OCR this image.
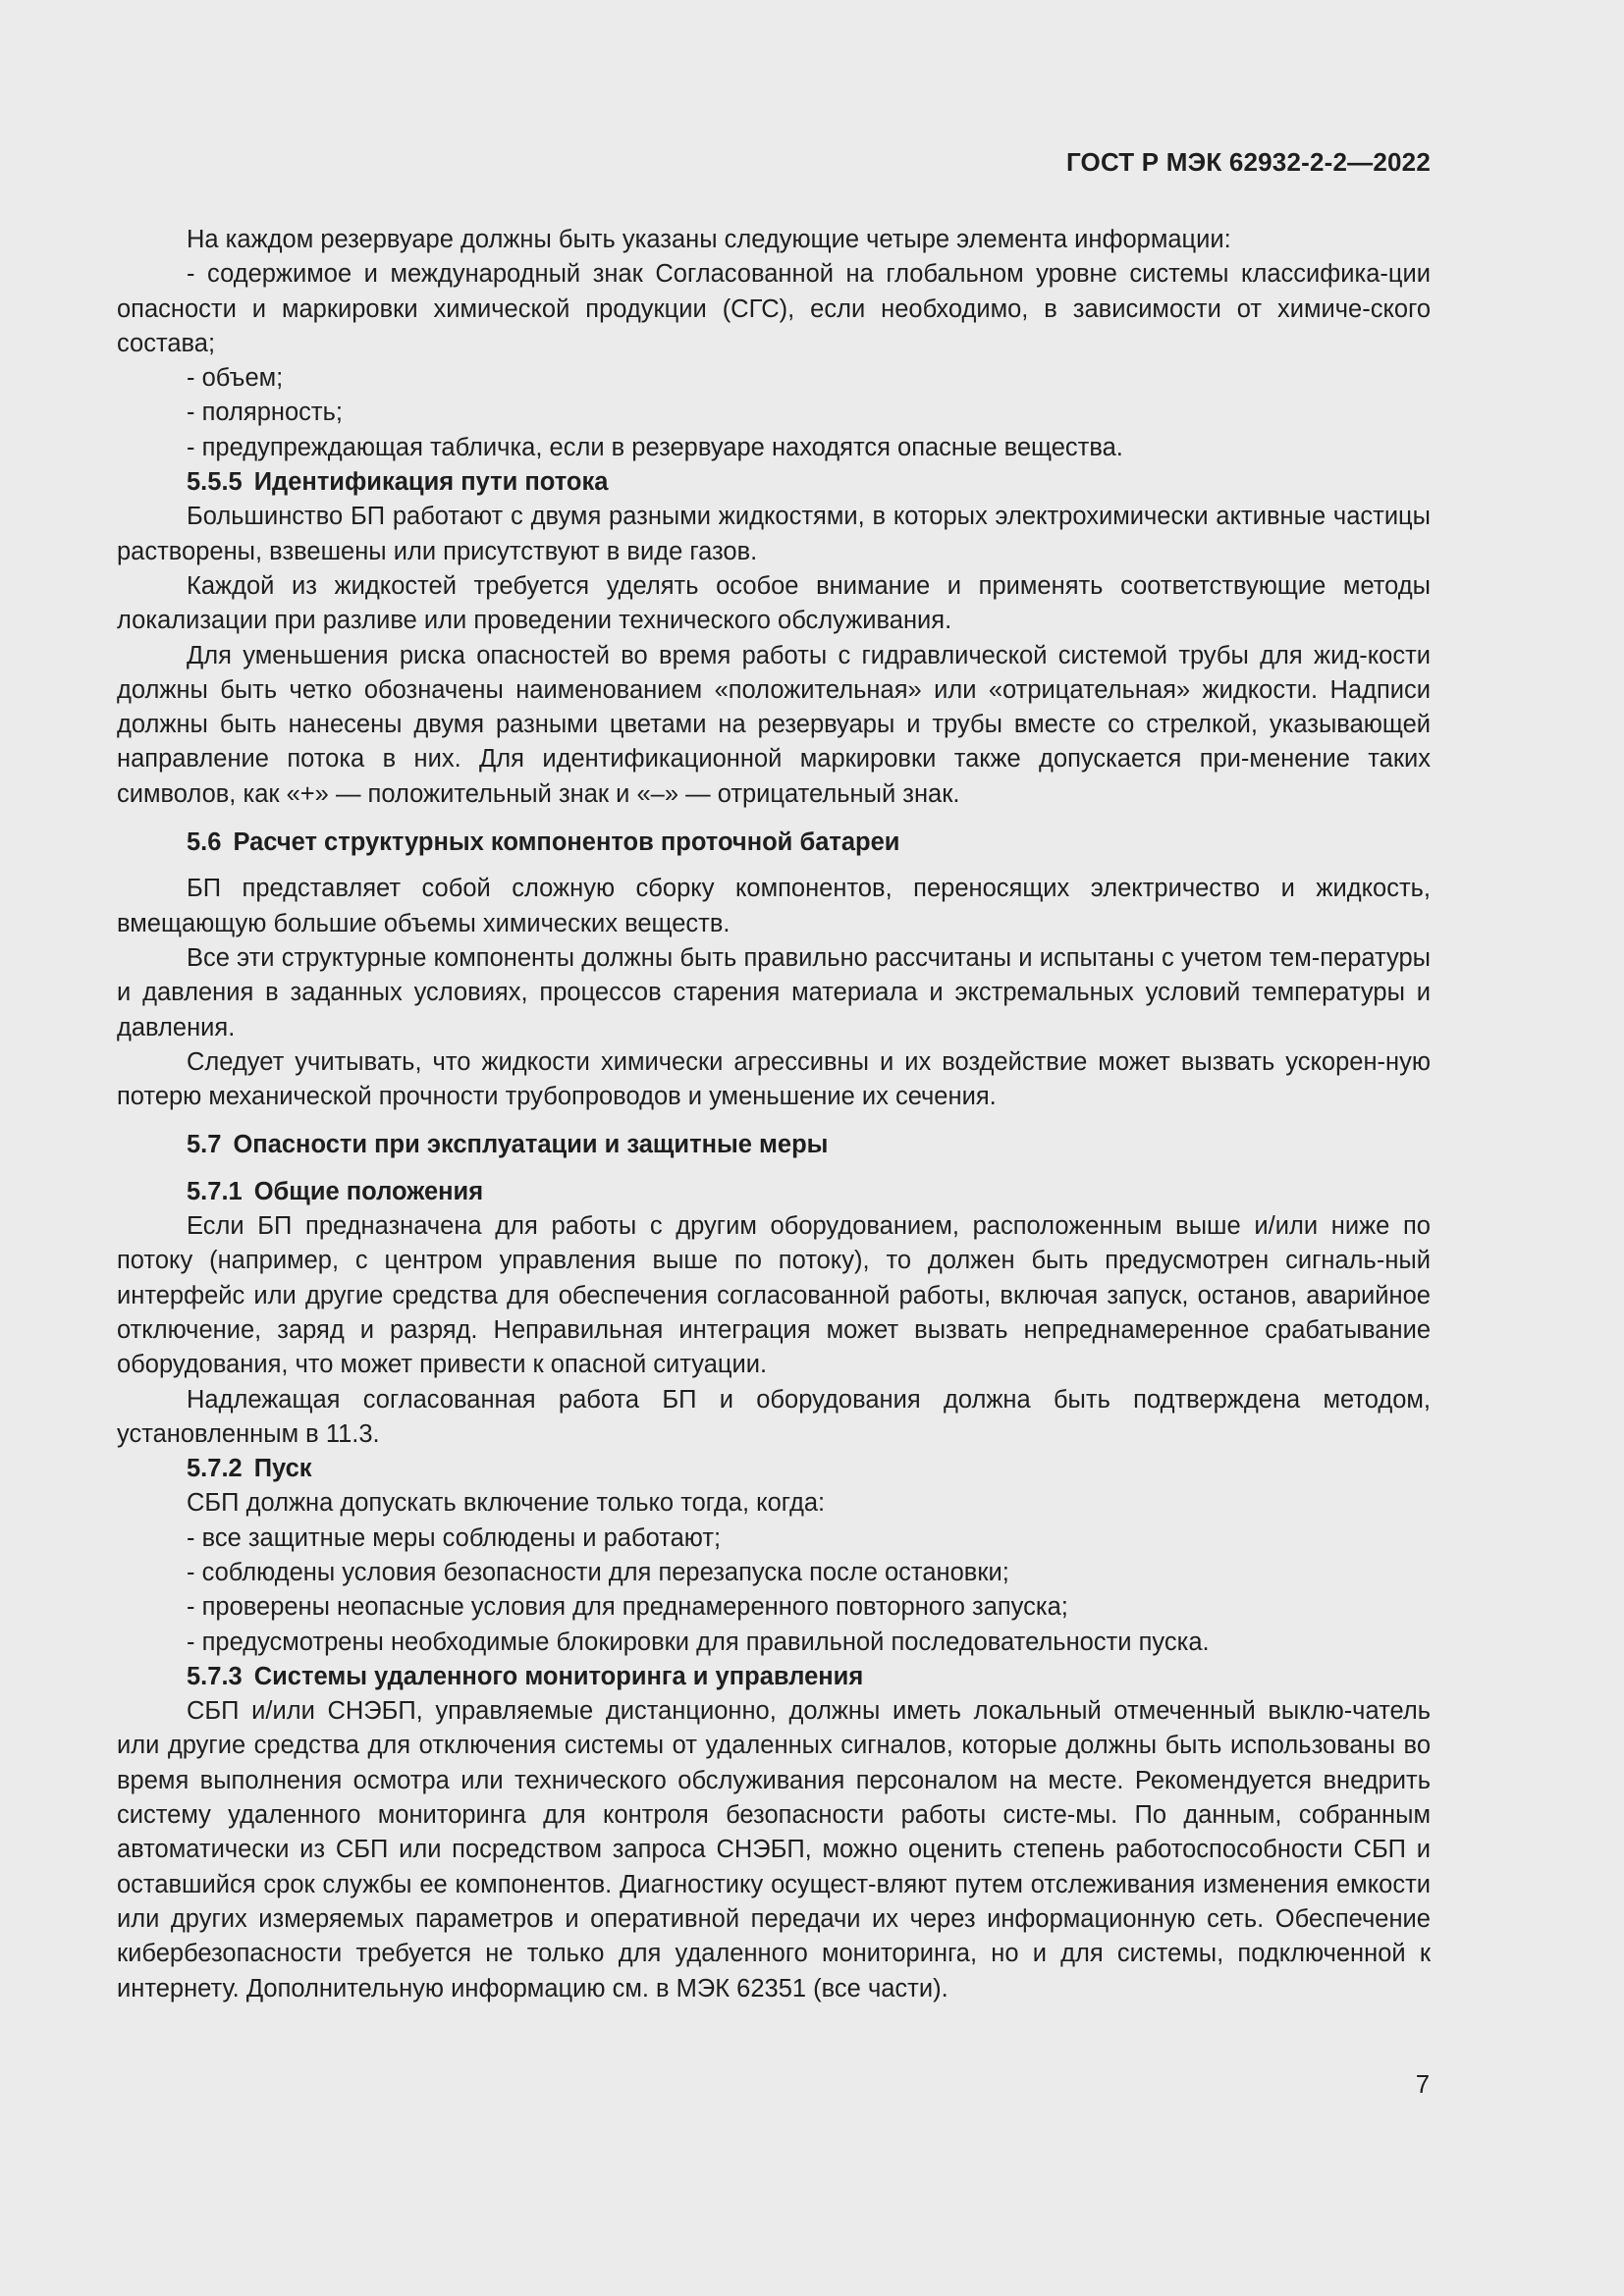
ГОСТ Р МЭК 62932-2-2—2022

На каждом резервуаре должны быть указаны следующие четыре элемента информации:

- содержимое и международный знак Согласованной на глобальном уровне системы классифика-ции опасности и маркировки химической продукции (СГС), если необходимо, в зависимости от химиче-ского состава;

- объем;

- полярность;

- предупреждающая табличка, если в резервуаре находятся опасные вещества.

5.5.5 Идентификация пути потока

Большинство БП работают с двумя разными жидкостями, в которых электрохимически активные частицы растворены, взвешены или присутствуют в виде газов.

Каждой из жидкостей требуется уделять особое внимание и применять соответствующие методы локализации при разливе или проведении технического обслуживания.

Для уменьшения риска опасностей во время работы с гидравлической системой трубы для жид-кости должны быть четко обозначены наименованием «положительная» или «отрицательная» жидкости. Надписи должны быть нанесены двумя разными цветами на резервуары и трубы вместе со стрелкой, указывающей направление потока в них. Для идентификационной маркировки также допускается при-менение таких символов, как «+» — положительный знак и «–» — отрицательный знак.

5.6 Расчет структурных компонентов проточной батареи

БП представляет собой сложную сборку компонентов, переносящих электричество и жидкость, вмещающую большие объемы химических веществ.

Все эти структурные компоненты должны быть правильно рассчитаны и испытаны с учетом тем-пературы и давления в заданных условиях, процессов старения материала и экстремальных условий температуры и давления.

Следует учитывать, что жидкости химически агрессивны и их воздействие может вызвать ускорен-ную потерю механической прочности трубопроводов и уменьшение их сечения.

5.7 Опасности при эксплуатации и защитные меры
5.7.1 Общие положения

Если БП предназначена для работы с другим оборудованием, расположенным выше и/или ниже по потоку (например, с центром управления выше по потоку), то должен быть предусмотрен сигналь-ный интерфейс или другие средства для обеспечения согласованной работы, включая запуск, останов, аварийное отключение, заряд и разряд. Неправильная интеграция может вызвать непреднамеренное срабатывание оборудования, что может привести к опасной ситуации.

Надлежащая согласованная работа БП и оборудования должна быть подтверждена методом, установленным в 11.3.

5.7.2 Пуск

СБП должна допускать включение только тогда, когда:

- все защитные меры соблюдены и работают;

- соблюдены условия безопасности для перезапуска после остановки;

- проверены неопасные условия для преднамеренного повторного запуска;

- предусмотрены необходимые блокировки для правильной последовательности пуска.

5.7.3 Системы удаленного мониторинга и управления

СБП и/или СНЭБП, управляемые дистанционно, должны иметь локальный отмеченный выклю-чатель или другие средства для отключения системы от удаленных сигналов, которые должны быть использованы во время выполнения осмотра или технического обслуживания персоналом на месте. Рекомендуется внедрить систему удаленного мониторинга для контроля безопасности работы систе-мы. По данным, собранным автоматически из СБП или посредством запроса СНЭБП, можно оценить степень работоспособности СБП и оставшийся срок службы ее компонентов. Диагностику осущест-вляют путем отслеживания изменения емкости или других измеряемых параметров и оперативной передачи их через информационную сеть. Обеспечение кибербезопасности требуется не только для удаленного мониторинга, но и для системы, подключенной к интернету. Дополнительную информацию см. в МЭК 62351 (все части).

7
